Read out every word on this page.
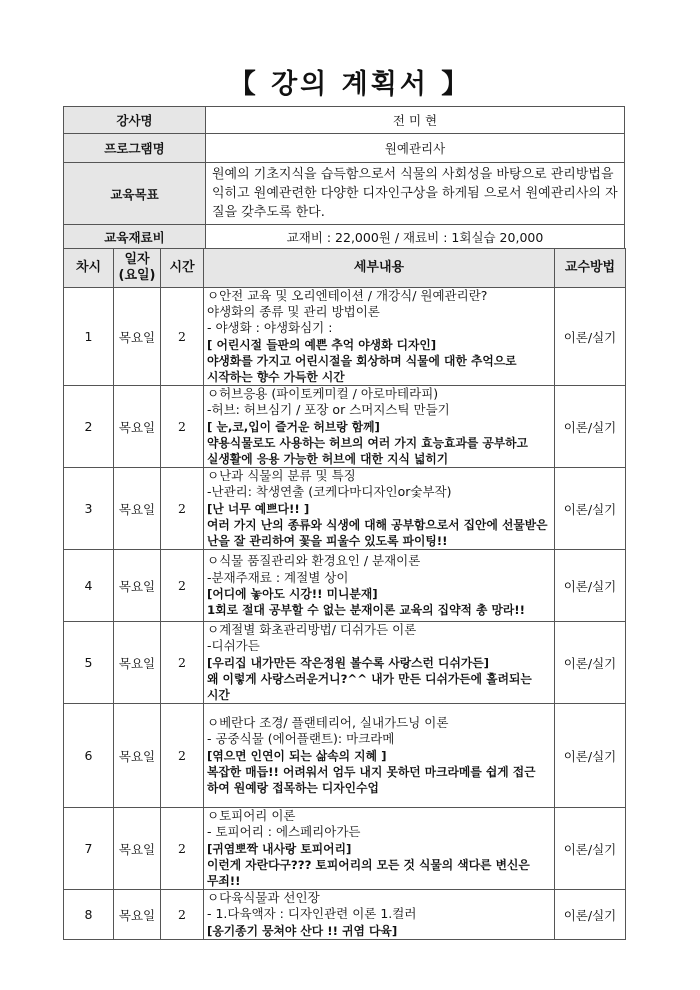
【 강의 계획서 】
강사명	전 미 현
프로그램명	원예관리사
교육목표	원예의 기초지식을 습득함으로서 식물의 사회성을 바탕으로 관리방법을 익히고 원예관련한 다양한 디자인구상을 하게됨 으로서 원예관리사의 자질을 갖추도록 한다.
교육재료비	교재비 : 22,000원 / 재료비 : 1회실습 20,000
차시	일자 (요일)	시간	세부내용	교수방법
1	목요일	2	ㅇ안전 교육 및 오리엔테이션 / 개강식/ 원예관리란?
야생화의 종류 및 관리 방법이론
- 야생화 : 야생화심기 :
[ 어린시절 들판의 예쁜 추억 야생화 디자인]
야생화를 가지고 어린시절을 회상하며 식물에 대한 추억으로 시작하는 향수 가득한 시간	이론/실기
2	목요일	2	ㅇ허브응용 (파이토케미컬 / 아로마테라피)
-허브: 허브심기 / 포장 or 스머지스틱 만들기
[ 눈,코,입이 즐거운 허브랑 함께]
약용식물로도 사용하는 허브의 여러 가지 효능효과를 공부하고 실생활에 응용 가능한 허브에 대한 지식 넓히기	이론/실기
3	목요일	2	ㅇ난과 식물의 분류 및 특징
-난관리: 착생연출 (코케다마디자인or숯부작)
[난 너무 예쁘다!! ]
여러 가지 난의 종류와 식생에 대해 공부함으로서 집안에 선물받은 난을 잘 관리하여 꽃을 피울수 있도록 파이팅!!	이론/실기
4	목요일	2	ㅇ식물 품질관리와 환경요인 / 분재이론
-분재주재료 : 계절별 상이
[어디에 놓아도 시강!! 미니분재]
1회로 절대 공부할 수 없는 분재이론 교육의 집약적 총 망라!!	이론/실기
5	목요일	2	ㅇ계절별 화초관리방법/ 디쉬가든 이론
-디쉬가든
[우리집 내가만든 작은정원 볼수록 사랑스런 디쉬가든]
왜 이렇게 사랑스러운거니?^^ 내가 만든 디쉬가든에 홀려되는 시간	이론/실기
6	목요일	2	ㅇ베란다 조경/ 플랜테리어, 실내가드닝 이론
- 공중식물 (에어플랜트): 마크라메
[엮으면 인연이 되는 삶속의 지혜 ]
복잡한 매듭!! 어려워서 엄두 내지 못하던 마크라메를 쉽게 접근
하여 원예랑 접목하는 디자인수업	이론/실기
7	목요일	2	ㅇ토피어리 이론
- 토피어리 : 에스페리아가든
[귀염뽀짝 내사랑 토피어리]
이런게 자란다구??? 토피어리의 모든 것 식물의 색다른 변신은 무죄!!	이론/실기
8	목요일	2	ㅇ다육식물과 선인장
- 1.다육액자 : 디자인관련 이론 1.컬러
[옹기종기 뭉쳐야 산다 !! 귀염 다육]	이론/실기
